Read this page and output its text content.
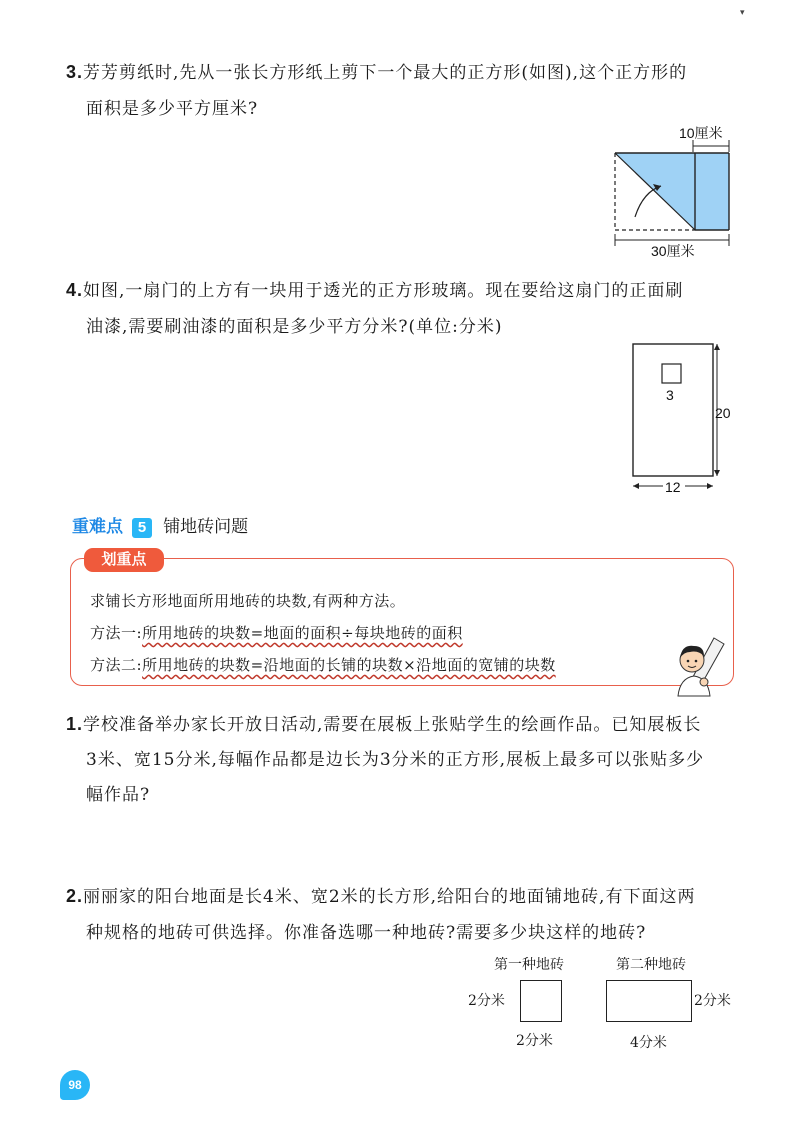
▾
3.芳芳剪纸时,先从一张长方形纸上剪下一个最大的正方形(如图),这个正方形的
面积是多少平方厘米?
10厘米
30厘米
4.如图,一扇门的上方有一块用于透光的正方形玻璃。现在要给这扇门的正面刷
油漆,需要刷油漆的面积是多少平方分米?(单位:分米)
3
20
12
重难点 5 铺地砖问题
划重点
求铺长方形地面所用地砖的块数,有两种方法。
方法一:所用地砖的块数=地面的面积÷每块地砖的面积
方法二:所用地砖的块数=沿地面的长铺的块数×沿地面的宽铺的块数
1.学校准备举办家长开放日活动,需要在展板上张贴学生的绘画作品。已知展板长
3米、宽15分米,每幅作品都是边长为3分米的正方形,展板上最多可以张贴多少
幅作品?
2.丽丽家的阳台地面是长4米、宽2米的长方形,给阳台的地面铺地砖,有下面这两
种规格的地砖可供选择。你准备选哪一种地砖?需要多少块这样的地砖?
第一种地砖
2分米
2分米
第二种地砖
2分米
4分米
98
